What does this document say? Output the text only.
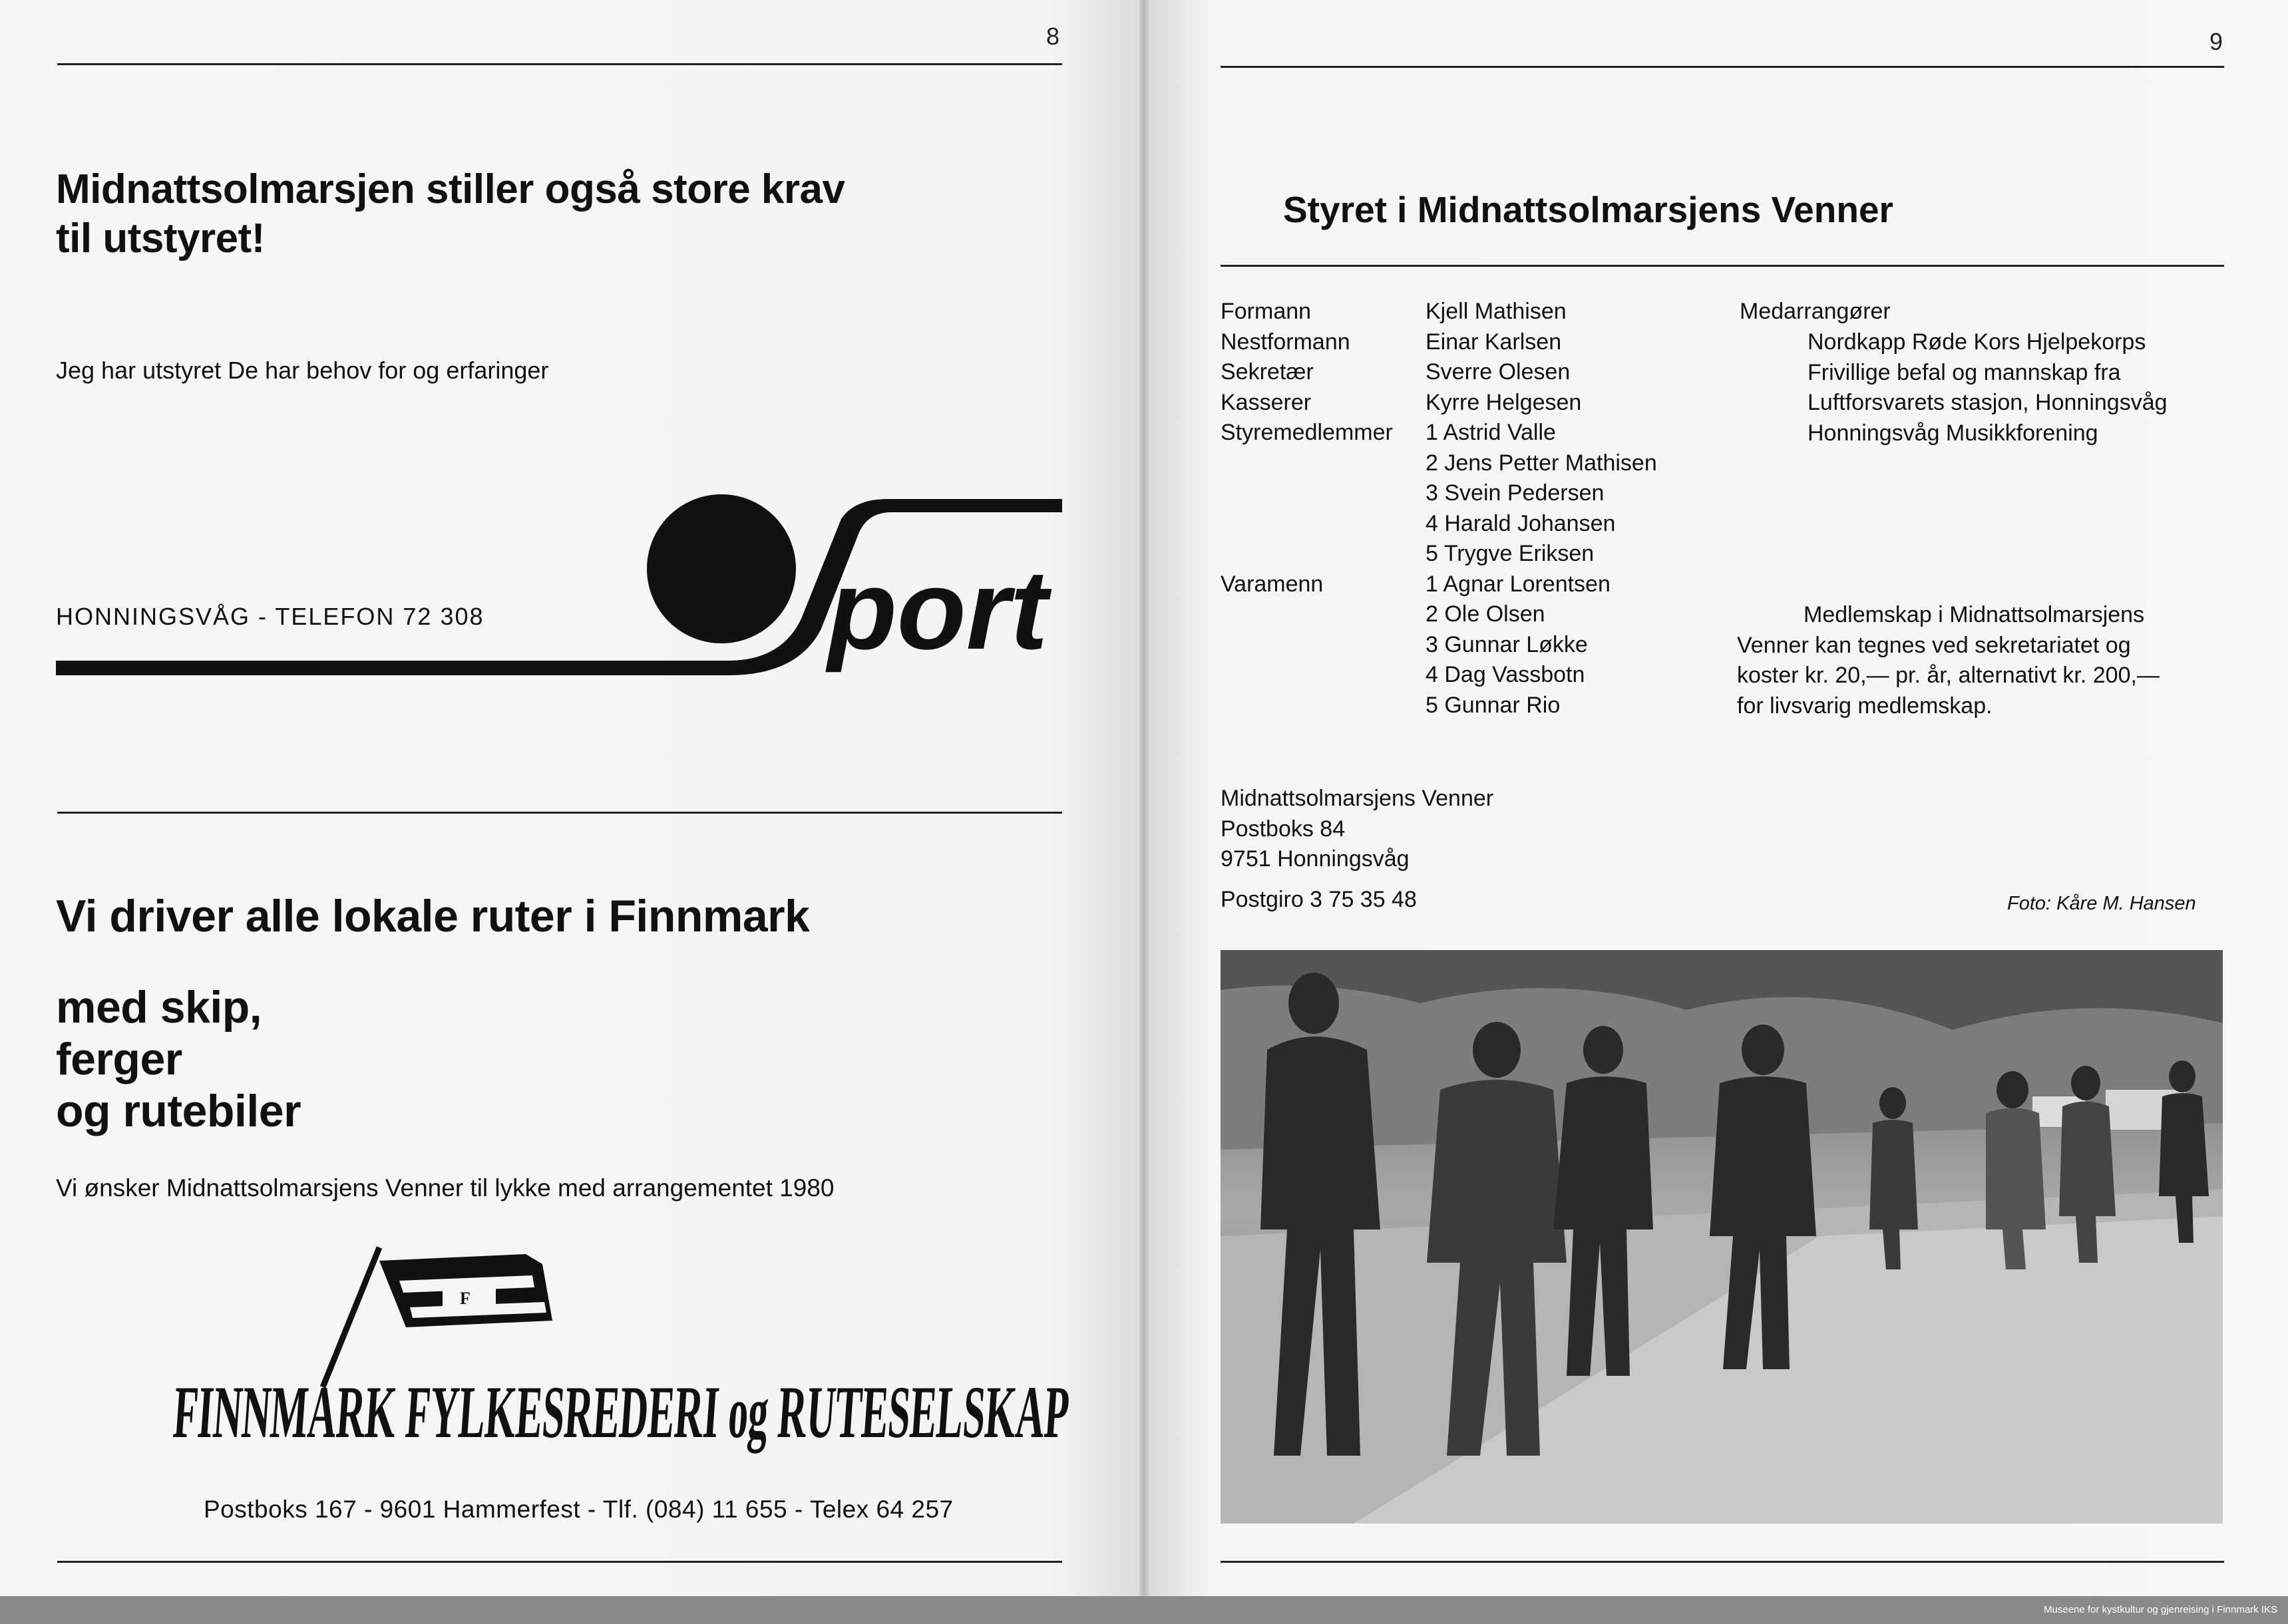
8
Midnattsolmarsjen stiller også store krav
til utstyret!
Jeg har utstyret De har behov for og erfaringer
port
HONNINGSVÅG - TELEFON 72 308
Vi driver alle lokale ruter i Finnmark
med skip,
ferger
og rutebiler
Vi ønsker Midnattsolmarsjens Venner til lykke med arrangementet 1980
F
FINNMARK FYLKESREDERI og RUTESELSKAP
Postboks 167 - 9601 Hammerfest - Tlf. (084) 11 655 - Telex 64 257
9
Styret i Midnattsolmarsjens Venner
Formann
Nestformann
Sekretær
Kasserer
Styremedlemmer
Varamenn
Kjell Mathisen
Einar Karlsen
Sverre Olesen
Kyrre Helgesen
1 Astrid Valle
2 Jens Petter Mathisen
3 Svein Pedersen
4 Harald Johansen
5 Trygve Eriksen
1 Agnar Lorentsen
2 Ole Olsen
3 Gunnar Løkke
4 Dag Vassbotn
5 Gunnar Rio
Medarrangører
Nordkapp Røde Kors Hjelpekorps
Frivillige befal og mannskap fra
Luftforsvarets stasjon, Honningsvåg
Honningsvåg Musikkforening
Medlemskap i Midnattsolmarsjens
Venner kan tegnes ved sekretariatet og
koster kr. 20,— pr. år, alternativt kr. 200,—
for livsvarig medlemskap.
Midnattsolmarsjens Venner
Postboks 84
9751 Honningsvåg
Postgiro 3 75 35 48	Foto: Kåre M. Hansen
Museene for kystkultur og gjenreising i Finnmark IKS
